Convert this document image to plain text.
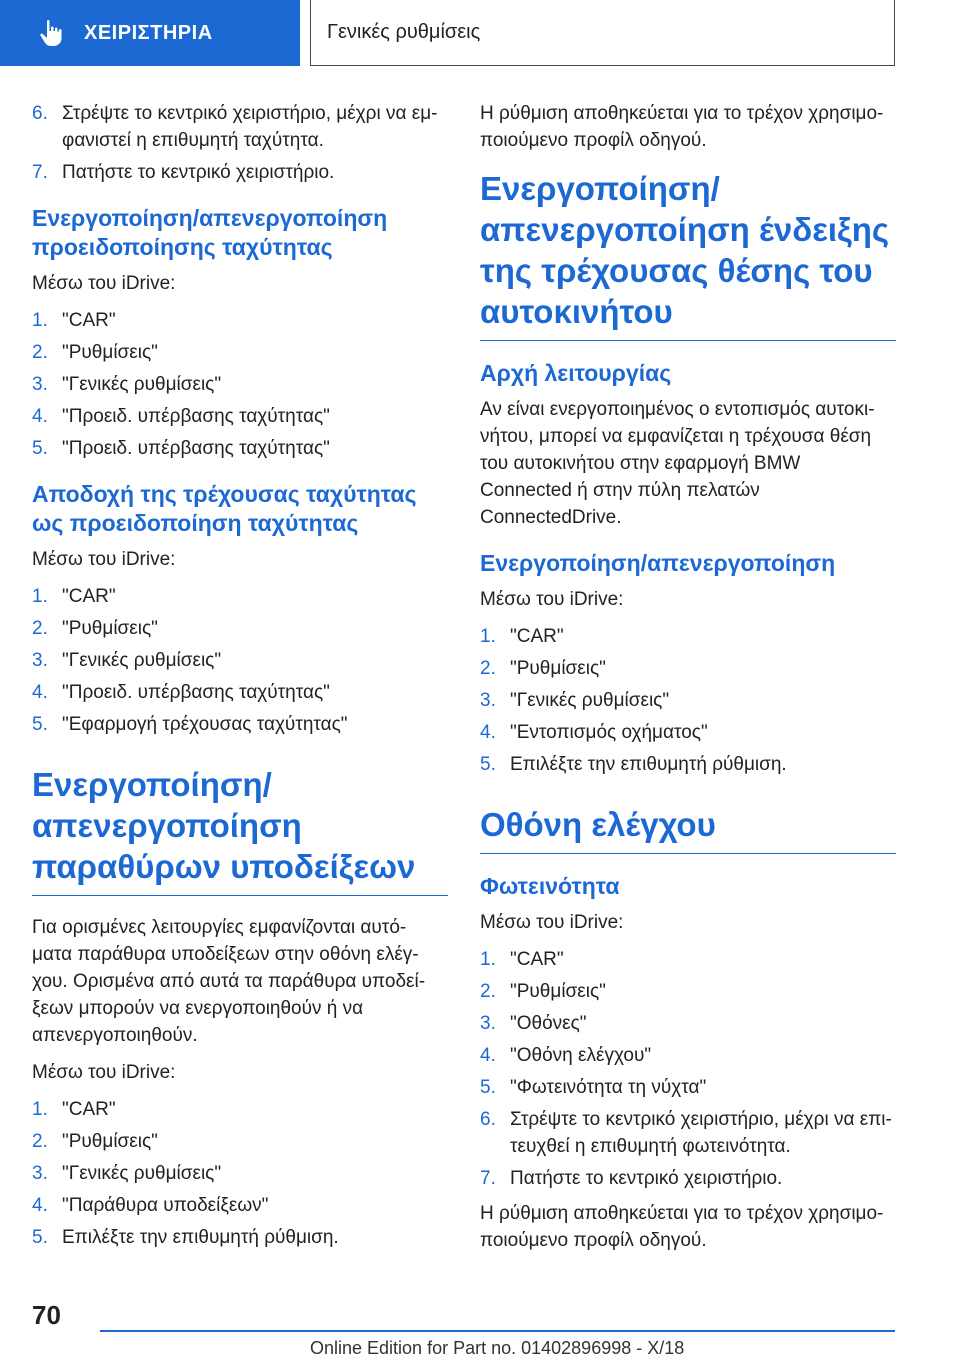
ΧΕΙΡΙΣΤΗΡΙΑ	Γενικές ρυθμίσεις
6. Στρέψτε το κεντρικό χειριστήριο, μέχρι να εμ‐ φανιστεί η επιθυμητή ταχύτητα.
7. Πατήστε το κεντρικό χειριστήριο.
Ενεργοποίηση/απενεργοποίηση προειδοποίησης ταχύτητας
Μέσω του iDrive:
1. "CAR"
2. "Ρυθμίσεις"
3. "Γενικές ρυθμίσεις"
4. "Προειδ. υπέρβασης ταχύτητας"
5. "Προειδ. υπέρβασης ταχύτητας"
Αποδοχή της τρέχουσας ταχύτητας ως προειδοποίηση ταχύτητας
Μέσω του iDrive:
1. "CAR"
2. "Ρυθμίσεις"
3. "Γενικές ρυθμίσεις"
4. "Προειδ. υπέρβασης ταχύτητας"
5. "Εφαρμογή τρέχουσας ταχύτητας"
Ενεργοποίηση/ απενεργοποίηση παραθύρων υποδείξεων
Για ορισμένες λειτουργίες εμφανίζονται αυτό‐ ματα παράθυρα υποδείξεων στην οθόνη ελέγ‐ χου. Ορισμένα από αυτά τα παράθυρα υποδεί‐ ξεων μπορούν να ενεργοποιηθούν ή να απενεργοποιηθούν.
Μέσω του iDrive:
1. "CAR"
2. "Ρυθμίσεις"
3. "Γενικές ρυθμίσεις"
4. "Παράθυρα υποδείξεων"
5. Επιλέξτε την επιθυμητή ρύθμιση.
Η ρύθμιση αποθηκεύεται για το τρέχον χρησιμο‐ ποιούμενο προφίλ οδηγού.
Ενεργοποίηση/ απενεργοποίηση ένδειξης της τρέχουσας θέσης του αυτοκινήτου
Αρχή λειτουργίας
Αν είναι ενεργοποιημένος ο εντοπισμός αυτοκι‐ νήτου, μπορεί να εμφανίζεται η τρέχουσα θέση του αυτοκινήτου στην εφαρμογή BMW Connected ή στην πύλη πελατών ConnectedDrive.
Ενεργοποίηση/απενεργοποίηση
Μέσω του iDrive:
1. "CAR"
2. "Ρυθμίσεις"
3. "Γενικές ρυθμίσεις"
4. "Εντοπισμός οχήματος"
5. Επιλέξτε την επιθυμητή ρύθμιση.
Οθόνη ελέγχου
Φωτεινότητα
Μέσω του iDrive:
1. "CAR"
2. "Ρυθμίσεις"
3. "Οθόνες"
4. "Οθόνη ελέγχου"
5. "Φωτεινότητα τη νύχτα"
6. Στρέψτε το κεντρικό χειριστήριο, μέχρι να επι‐ τευχθεί η επιθυμητή φωτεινότητα.
7. Πατήστε το κεντρικό χειριστήριο.
Η ρύθμιση αποθηκεύεται για το τρέχον χρησιμο‐ ποιούμενο προφίλ οδηγού.
70
Online Edition for Part no. 01402896998 - X/18
